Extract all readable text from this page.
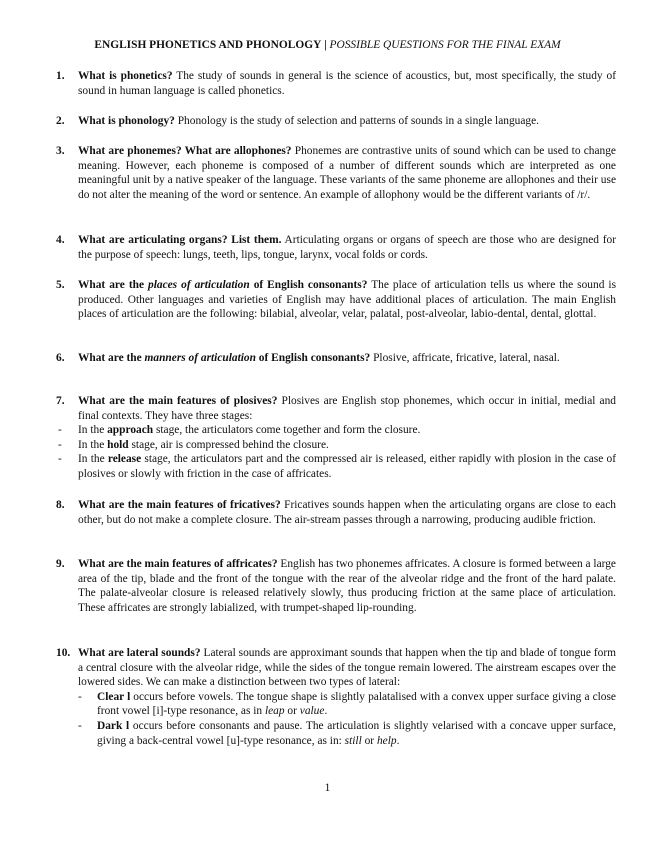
ENGLISH PHONETICS AND PHONOLOGY | POSSIBLE QUESTIONS FOR THE FINAL EXAM
1. What is phonetics? The study of sounds in general is the science of acoustics, but, most specifically, the study of sound in human language is called phonetics.
2. What is phonology? Phonology is the study of selection and patterns of sounds in a single language.
3. What are phonemes? What are allophones? Phonemes are contrastive units of sound which can be used to change meaning. However, each phoneme is composed of a number of different sounds which are interpreted as one meaningful unit by a native speaker of the language. These variants of the same phoneme are allophones and their use do not alter the meaning of the word or sentence. An example of allophony would be the different variants of /r/.
4. What are articulating organs? List them. Articulating organs or organs of speech are those who are designed for the purpose of speech: lungs, teeth, lips, tongue, larynx, vocal folds or cords.
5. What are the places of articulation of English consonants? The place of articulation tells us where the sound is produced. Other languages and varieties of English may have additional places of articulation. The main English places of articulation are the following: bilabial, alveolar, velar, palatal, post-alveolar, labio-dental, dental, glottal.
6. What are the manners of articulation of English consonants? Plosive, affricate, fricative, lateral, nasal.
7. What are the main features of plosives? Plosives are English stop phonemes, which occur in initial, medial and final contexts. They have three stages:
- In the approach stage, the articulators come together and form the closure.
- In the hold stage, air is compressed behind the closure.
- In the release stage, the articulators part and the compressed air is released, either rapidly with plosion in the case of plosives or slowly with friction in the case of affricates.
8. What are the main features of fricatives? Fricatives sounds happen when the articulating organs are close to each other, but do not make a complete closure. The air-stream passes through a narrowing, producing audible friction.
9. What are the main features of affricates? English has two phonemes affricates. A closure is formed between a large area of the tip, blade and the front of the tongue with the rear of the alveolar ridge and the front of the hard palate. The palate-alveolar closure is released relatively slowly, thus producing friction at the same place of articulation. These affricates are strongly labialized, with trumpet-shaped lip-rounding.
10. What are lateral sounds? Lateral sounds are approximant sounds that happen when the tip and blade of tongue form a central closure with the alveolar ridge, while the sides of the tongue remain lowered. The airstream escapes over the lowered sides. We can make a distinction between two types of lateral:
- Clear l occurs before vowels. The tongue shape is slightly palatalised with a convex upper surface giving a close front vowel [i]-type resonance, as in leap or value.
- Dark l occurs before consonants and pause. The articulation is slightly velarised with a concave upper surface, giving a back-central vowel [u]-type resonance, as in: still or help.
1
